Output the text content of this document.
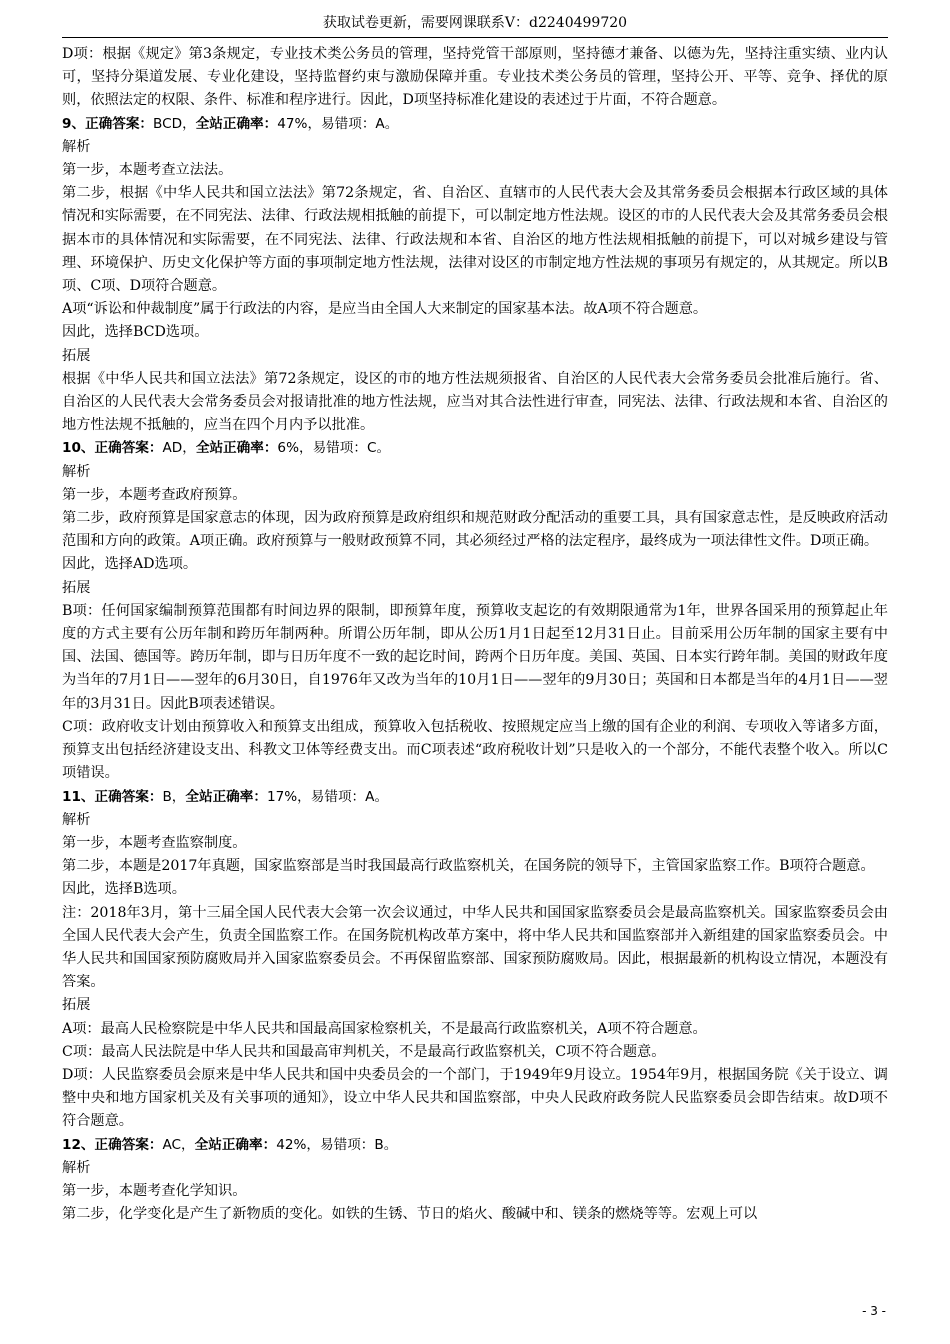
获取试卷更新，需要网课联系V：d2240499720

D项：根据《规定》第3条规定，专业技术类公务员的管理，坚持党管干部原则，坚持德才兼备、以德为先，坚持注重实绩、业内认可，坚持分渠道发展、专业化建设，坚持监督约束与激励保障并重。专业技术类公务员的管理，坚持公开、平等、竞争、择优的原则，依照法定的权限、条件、标准和程序进行。因此，D项坚持标准化建设的表述过于片面，不符合题意。

9、正确答案：BCD，全站正确率：47%，易错项：A。

解析

第一步，本题考查立法法。

第二步，根据《中华人民共和国立法法》第72条规定，省、自治区、直辖市的人民代表大会及其常务委员会根据本行政区域的具体情况和实际需要，在不同宪法、法律、行政法规相抵触的前提下，可以制定地方性法规。设区的市的人民代表大会及其常务委员会根据本市的具体情况和实际需要，在不同宪法、法律、行政法规和本省、自治区的地方性法规相抵触的前提下，可以对城乡建设与管理、环境保护、历史文化保护等方面的事项制定地方性法规，法律对设区的市制定地方性法规的事项另有规定的，从其规定。所以B项、C项、D项符合题意。

A项“诉讼和仲裁制度”属于行政法的内容，是应当由全国人大来制定的国家基本法。故A项不符合题意。

因此，选择BCD选项。

拓展

根据《中华人民共和国立法法》第72条规定，设区的市的地方性法规须报省、自治区的人民代表大会常务委员会批准后施行。省、自治区的人民代表大会常务委员会对报请批准的地方性法规，应当对其合法性进行审查，同宪法、法律、行政法规和本省、自治区的地方性法规不抵触的，应当在四个月内予以批准。

10、正确答案：AD，全站正确率：6%，易错项：C。

解析

第一步，本题考查政府预算。

第二步，政府预算是国家意志的体现，因为政府预算是政府组织和规范财政分配活动的重要工具，具有国家意志性，是反映政府活动范围和方向的政策。A项正确。政府预算与一般财政预算不同，其必须经过严格的法定程序，最终成为一项法律性文件。D项正确。

因此，选择AD选项。

拓展

B项：任何国家编制预算范围都有时间边界的限制，即预算年度，预算收支起讫的有效期限通常为1年，世界各国采用的预算起止年度的方式主要有公历年制和跨历年制两种。所谓公历年制，即从公历1月1日起至12月31日止。目前采用公历年制的国家主要有中国、法国、德国等。跨历年制，即与日历年度不一致的起讫时间，跨两个日历年度。美国、英国、日本实行跨年制。美国的财政年度为当年的7月1日——翌年的6月30日，自1976年又改为当年的10月1日——翌年的9月30日；英国和日本都是当年的4月1日——翌年的3月31日。因此B项表述错误。

C项：政府收支计划由预算收入和预算支出组成，预算收入包括税收、按照规定应当上缴的国有企业的利润、专项收入等诸多方面，预算支出包括经济建设支出、科教文卫体等经费支出。而C项表述“政府税收计划”只是收入的一个部分，不能代表整个收入。所以C项错误。

11、正确答案：B，全站正确率：17%，易错项：A。

解析

第一步，本题考查监察制度。

第二步，本题是2017年真题，国家监察部是当时我国最高行政监察机关，在国务院的领导下，主管国家监察工作。B项符合题意。

因此，选择B选项。

注：2018年3月，第十三届全国人民代表大会第一次会议通过，中华人民共和国国家监察委员会是最高监察机关。国家监察委员会由全国人民代表大会产生，负责全国监察工作。在国务院机构改革方案中，将中华人民共和国监察部并入新组建的国家监察委员会。中华人民共和国国家预防腐败局并入国家监察委员会。不再保留监察部、国家预防腐败局。因此，根据最新的机构设立情况，本题没有答案。

拓展

A项：最高人民检察院是中华人民共和国最高国家检察机关，不是最高行政监察机关，A项不符合题意。

C项：最高人民法院是中华人民共和国最高审判机关，不是最高行政监察机关，C项不符合题意。

D项：人民监察委员会原来是中华人民共和国中央委员会的一个部门，于1949年9月设立。1954年9月，根据国务院《关于设立、调整中央和地方国家机关及有关事项的通知》，设立中华人民共和国监察部，中央人民政府政务院人民监察委员会即告结束。故D项不符合题意。

12、正确答案：AC，全站正确率：42%，易错项：B。

解析

第一步，本题考查化学知识。

第二步，化学变化是产生了新物质的变化。如铁的生锈、节日的焰火、酸碱中和、镁条的燃烧等等。宏观上可以

- 3 -
